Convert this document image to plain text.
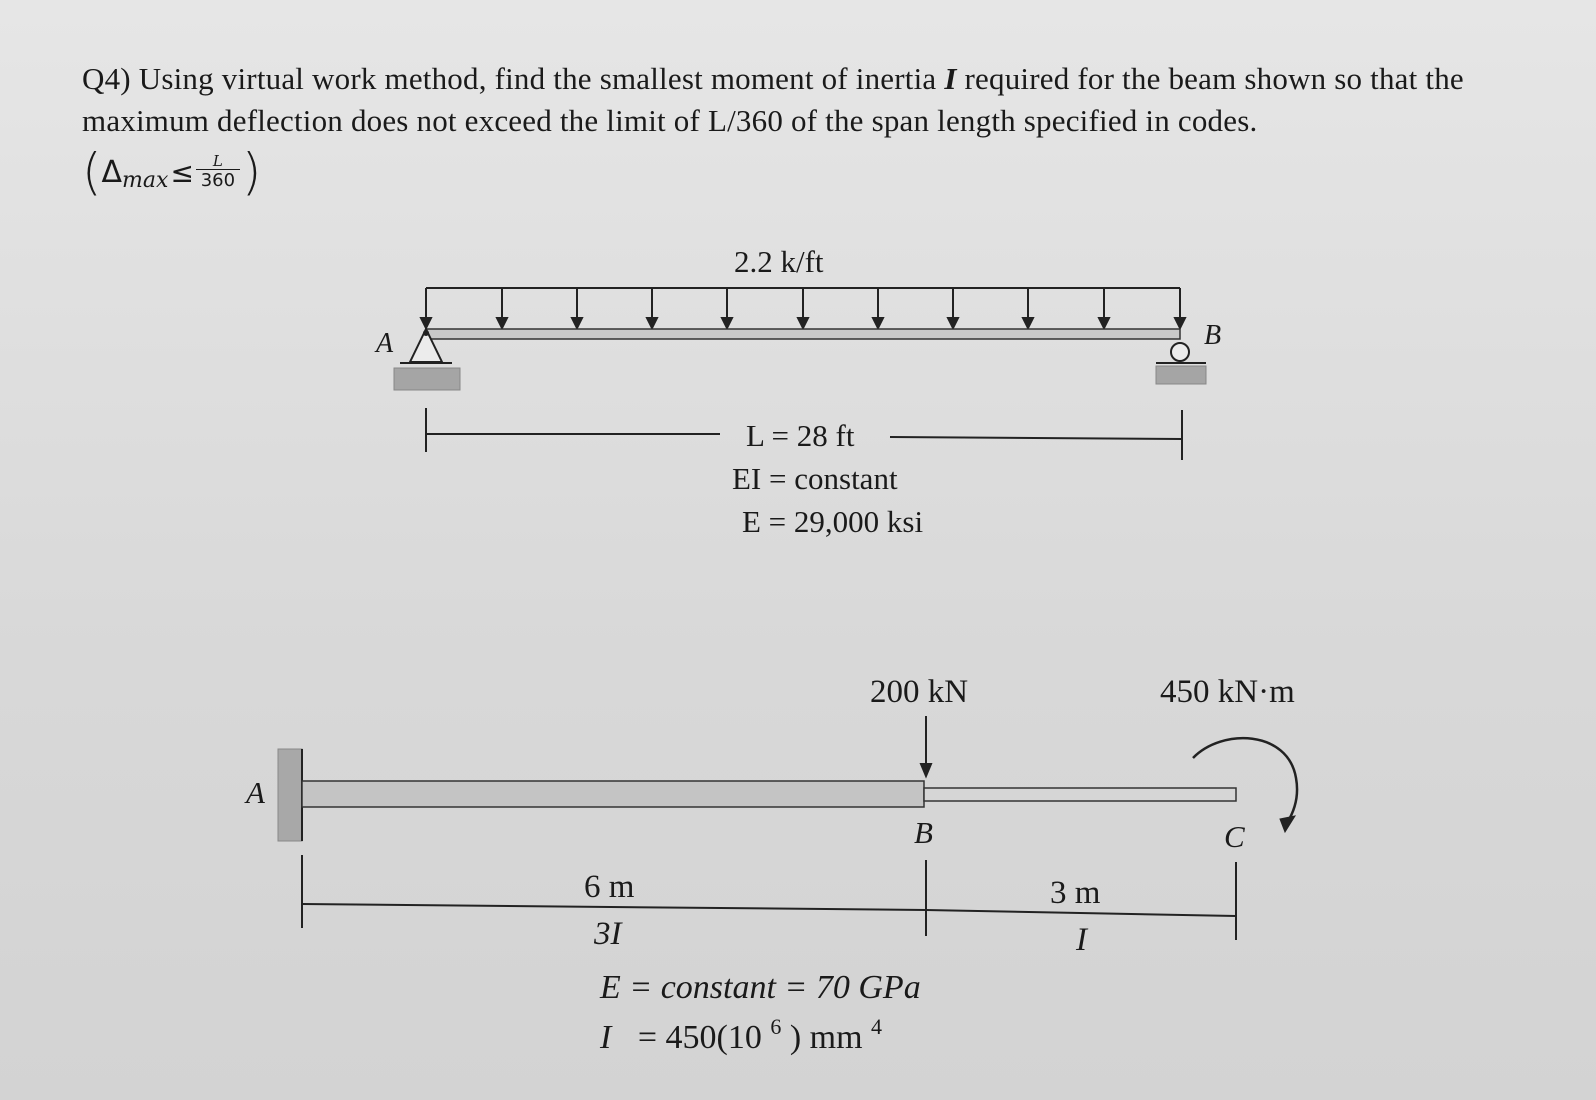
Q4) Using virtual work method, find the smallest moment of inertia I required for the beam shown so that the maximum deflection does not exceed the limit of L/360 of the span length specified in codes.
( Δ $\max \le \frac{L}{360}$ )
2.2 k/ft
A	B
L = 28 ft
EI = constant
E = 29,000 ksi
200 kN	450 kN·m
A
B	C
6 m
3I
3 m
I
E = constant = 70 GPa
I = 450(10 $^6$ ) mm $^4$
